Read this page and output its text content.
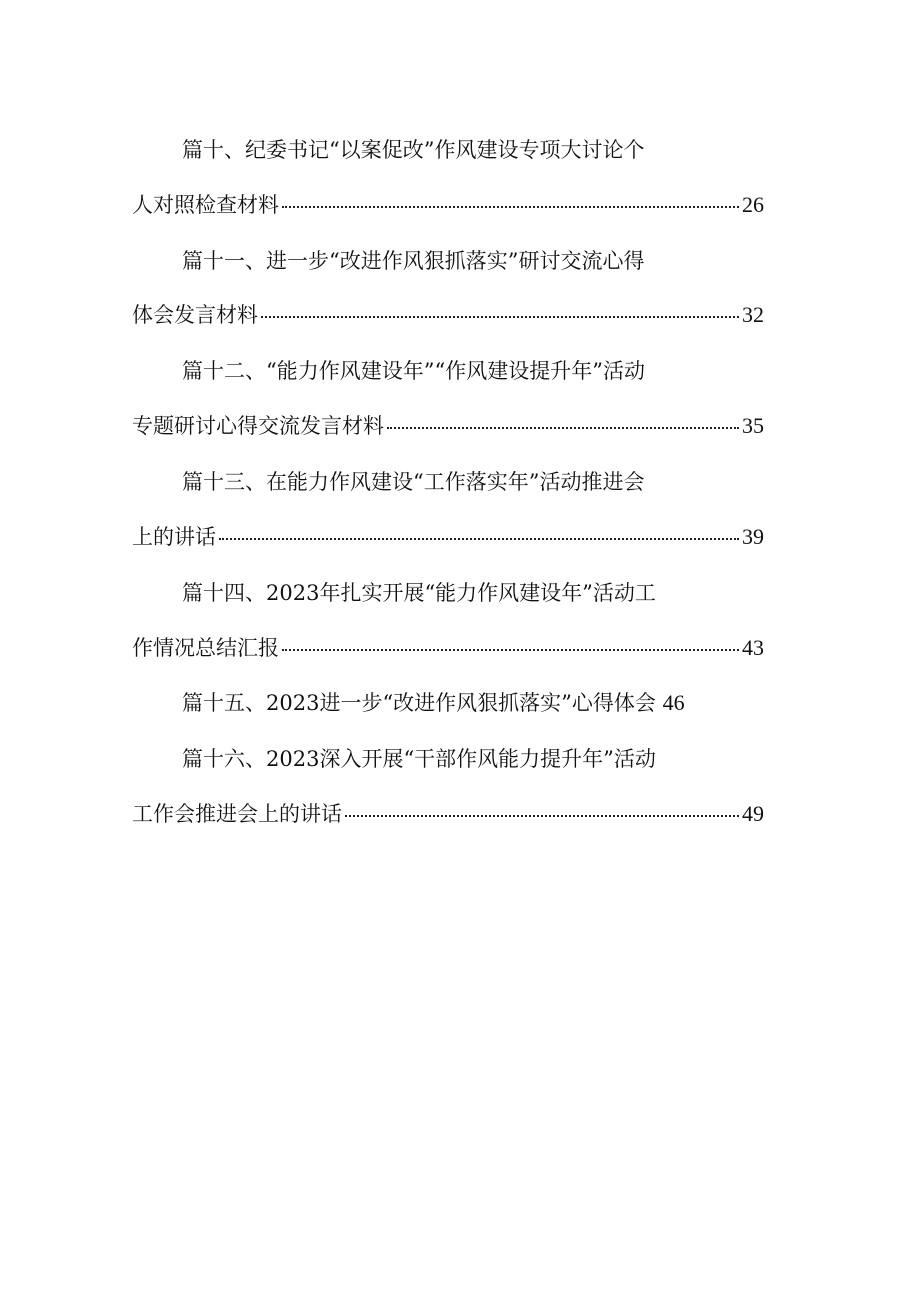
篇十、纪委书记“以案促改”作风建设专项大讨论个
人对照检查材料	26
篇十一、进一步“改进作风狠抓落实”研讨交流心得
体会发言材料	32
篇十二、“能力作风建设年”“作风建设提升年”活动
专题研讨心得交流发言材料	35
篇十三、在能力作风建设“工作落实年”活动推进会
上的讲话	39
篇十四、2023年扎实开展“能力作风建设年”活动工
作情况总结汇报	43
篇十五、2023进一步“改进作风狠抓落实”心得体会 46
篇十六、2023深入开展“干部作风能力提升年”活动
工作会推进会上的讲话	49
